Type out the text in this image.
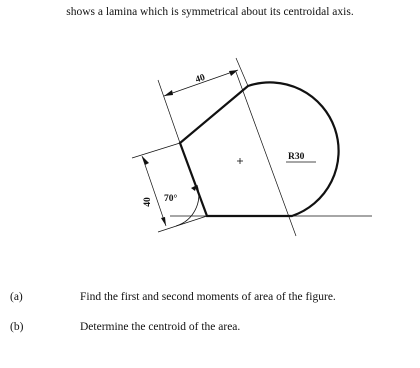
shows a lamina which is symmetrical about its centroidal axis.
40
40 70°
R30
(a)	Find the first and second moments of area of the figure.
(b)	Determine the centroid of the area.
